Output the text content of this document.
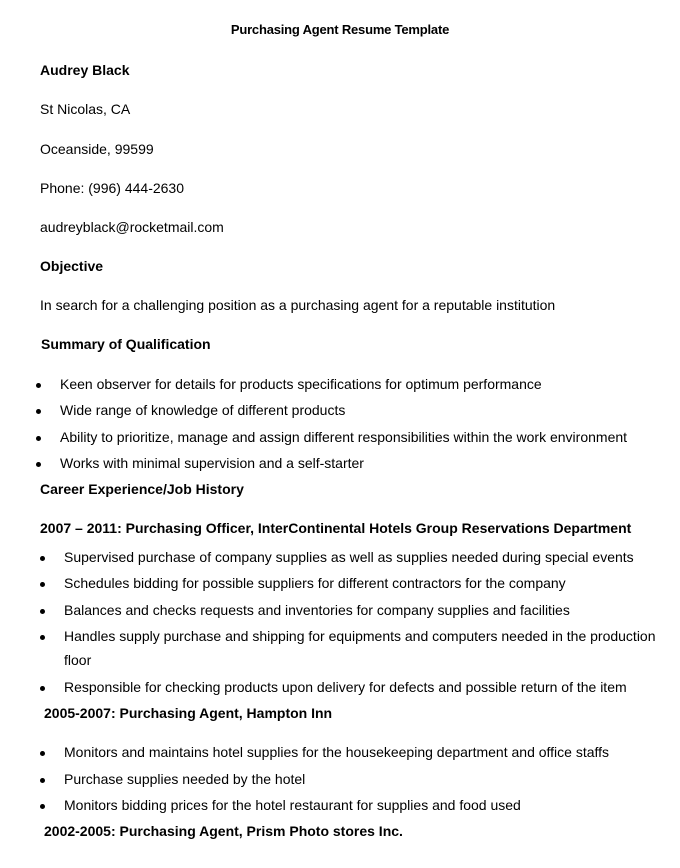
Purchasing Agent Resume Template
Audrey Black
St Nicolas, CA
Oceanside, 99599
Phone: (996) 444-2630
audreyblack@rocketmail.com
Objective
In search for a challenging position as a purchasing agent for a reputable institution
Summary of Qualification
Keen observer for details for products specifications for optimum performance
Wide range of knowledge of different products
Ability to prioritize, manage and assign different responsibilities within the work environment
Works with minimal supervision and a self-starter
Career Experience/Job History
2007 – 2011: Purchasing Officer, InterContinental Hotels Group Reservations Department
Supervised purchase of company supplies as well as supplies needed during special events
Schedules bidding for possible suppliers for different contractors for the company
Balances and checks requests and inventories for company supplies and facilities
Handles supply purchase and shipping for equipments and computers needed in the production
floor
Responsible for checking products upon delivery for defects and possible return of the item
2005-2007: Purchasing Agent, Hampton Inn
Monitors and maintains hotel supplies for the housekeeping department and office staffs
Purchase supplies needed by the hotel
Monitors bidding prices for the hotel restaurant for supplies and food used
2002-2005: Purchasing Agent, Prism Photo stores Inc.
